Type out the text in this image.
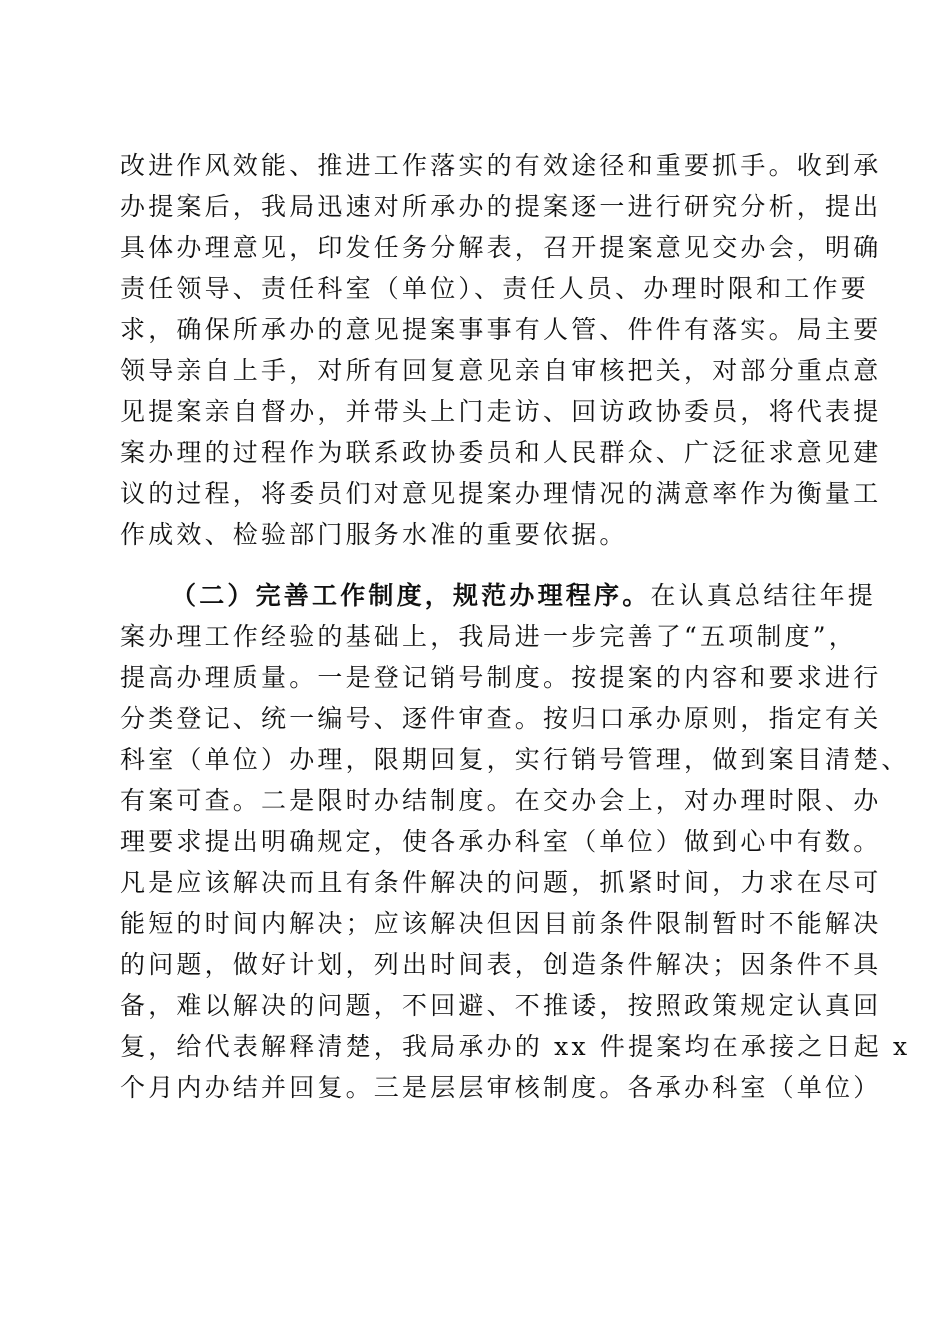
改进作风效能、推进工作落实的有效途径和重要抓手。收到承
办提案后，我局迅速对所承办的提案逐一进行研究分析，提出
具体办理意见，印发任务分解表，召开提案意见交办会，明确
责任领导、责任科室（单位）、责任人员、办理时限和工作要
求，确保所承办的意见提案事事有人管、件件有落实。局主要
领导亲自上手，对所有回复意见亲自审核把关，对部分重点意
见提案亲自督办，并带头上门走访、回访政协委员，将代表提
案办理的过程作为联系政协委员和人民群众、广泛征求意见建
议的过程，将委员们对意见提案办理情况的满意率作为衡量工
作成效、检验部门服务水准的重要依据。
（二）完善工作制度，规范办理程序。在认真总结往年提
案办理工作经验的基础上，我局进一步完善了“五项制度”，
提高办理质量。一是登记销号制度。按提案的内容和要求进行
分类登记、统一编号、逐件审查。按归口承办原则，指定有关
科室（单位）办理，限期回复，实行销号管理，做到案目清楚、
有案可查。二是限时办结制度。在交办会上，对办理时限、办
理要求提出明确规定，使各承办科室（单位）做到心中有数。
凡是应该解决而且有条件解决的问题，抓紧时间，力求在尽可
能短的时间内解决；应该解决但因目前条件限制暂时不能解决
的问题，做好计划，列出时间表，创造条件解决；因条件不具
备，难以解决的问题，不回避、不推诿，按照政策规定认真回
复，给代表解释清楚，我局承办的 xx 件提案均在承接之日起 x
个月内办结并回复。三是层层审核制度。各承办科室（单位）
